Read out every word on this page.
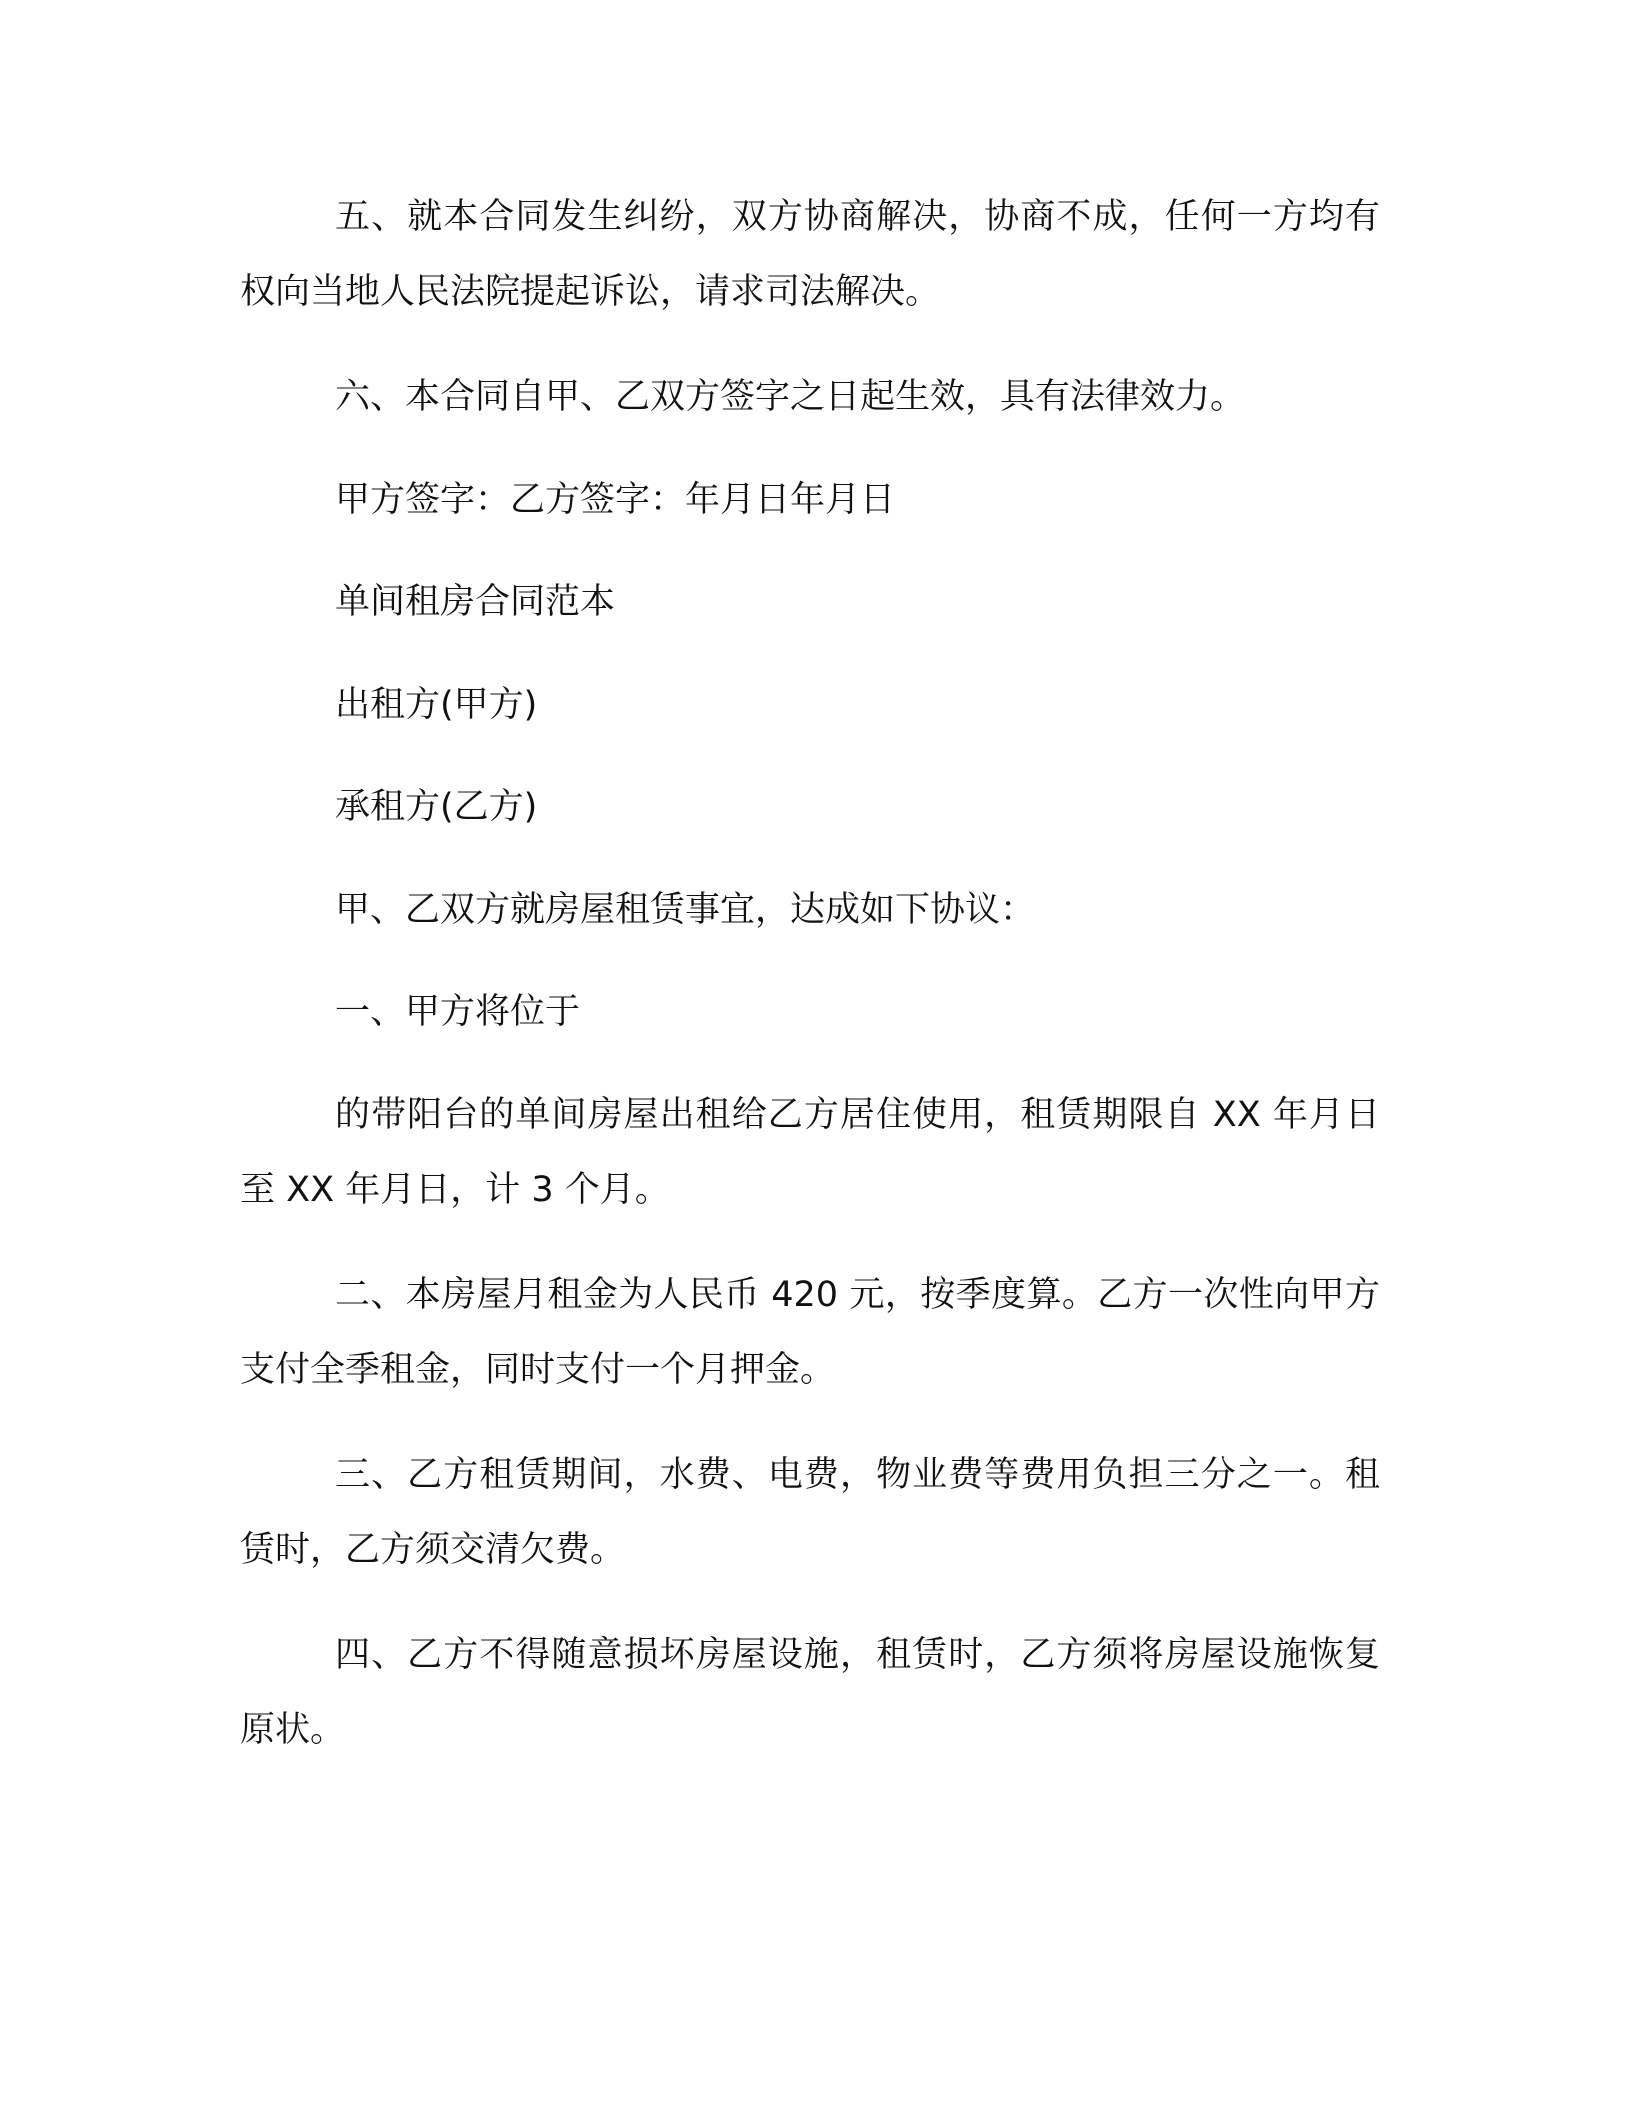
五、就本合同发生纠纷，双方协商解决，协商不成，任何一方均有权向当地人民法院提起诉讼，请求司法解决。

六、本合同自甲、乙双方签字之日起生效，具有法律效力。

甲方签字：乙方签字：年月日年月日

单间租房合同范本

出租方(甲方)

承租方(乙方)

甲、乙双方就房屋租赁事宜，达成如下协议：

一、甲方将位于

的带阳台的单间房屋出租给乙方居住使用，租赁期限自 XX 年月日至 XX 年月日，计 3 个月。

二、本房屋月租金为人民币 420 元，按季度算。乙方一次性向甲方支付全季租金，同时支付一个月押金。

三、乙方租赁期间，水费、电费，物业费等费用负担三分之一。租赁时，乙方须交清欠费。

四、乙方不得随意损坏房屋设施，租赁时，乙方须将房屋设施恢复原状。
